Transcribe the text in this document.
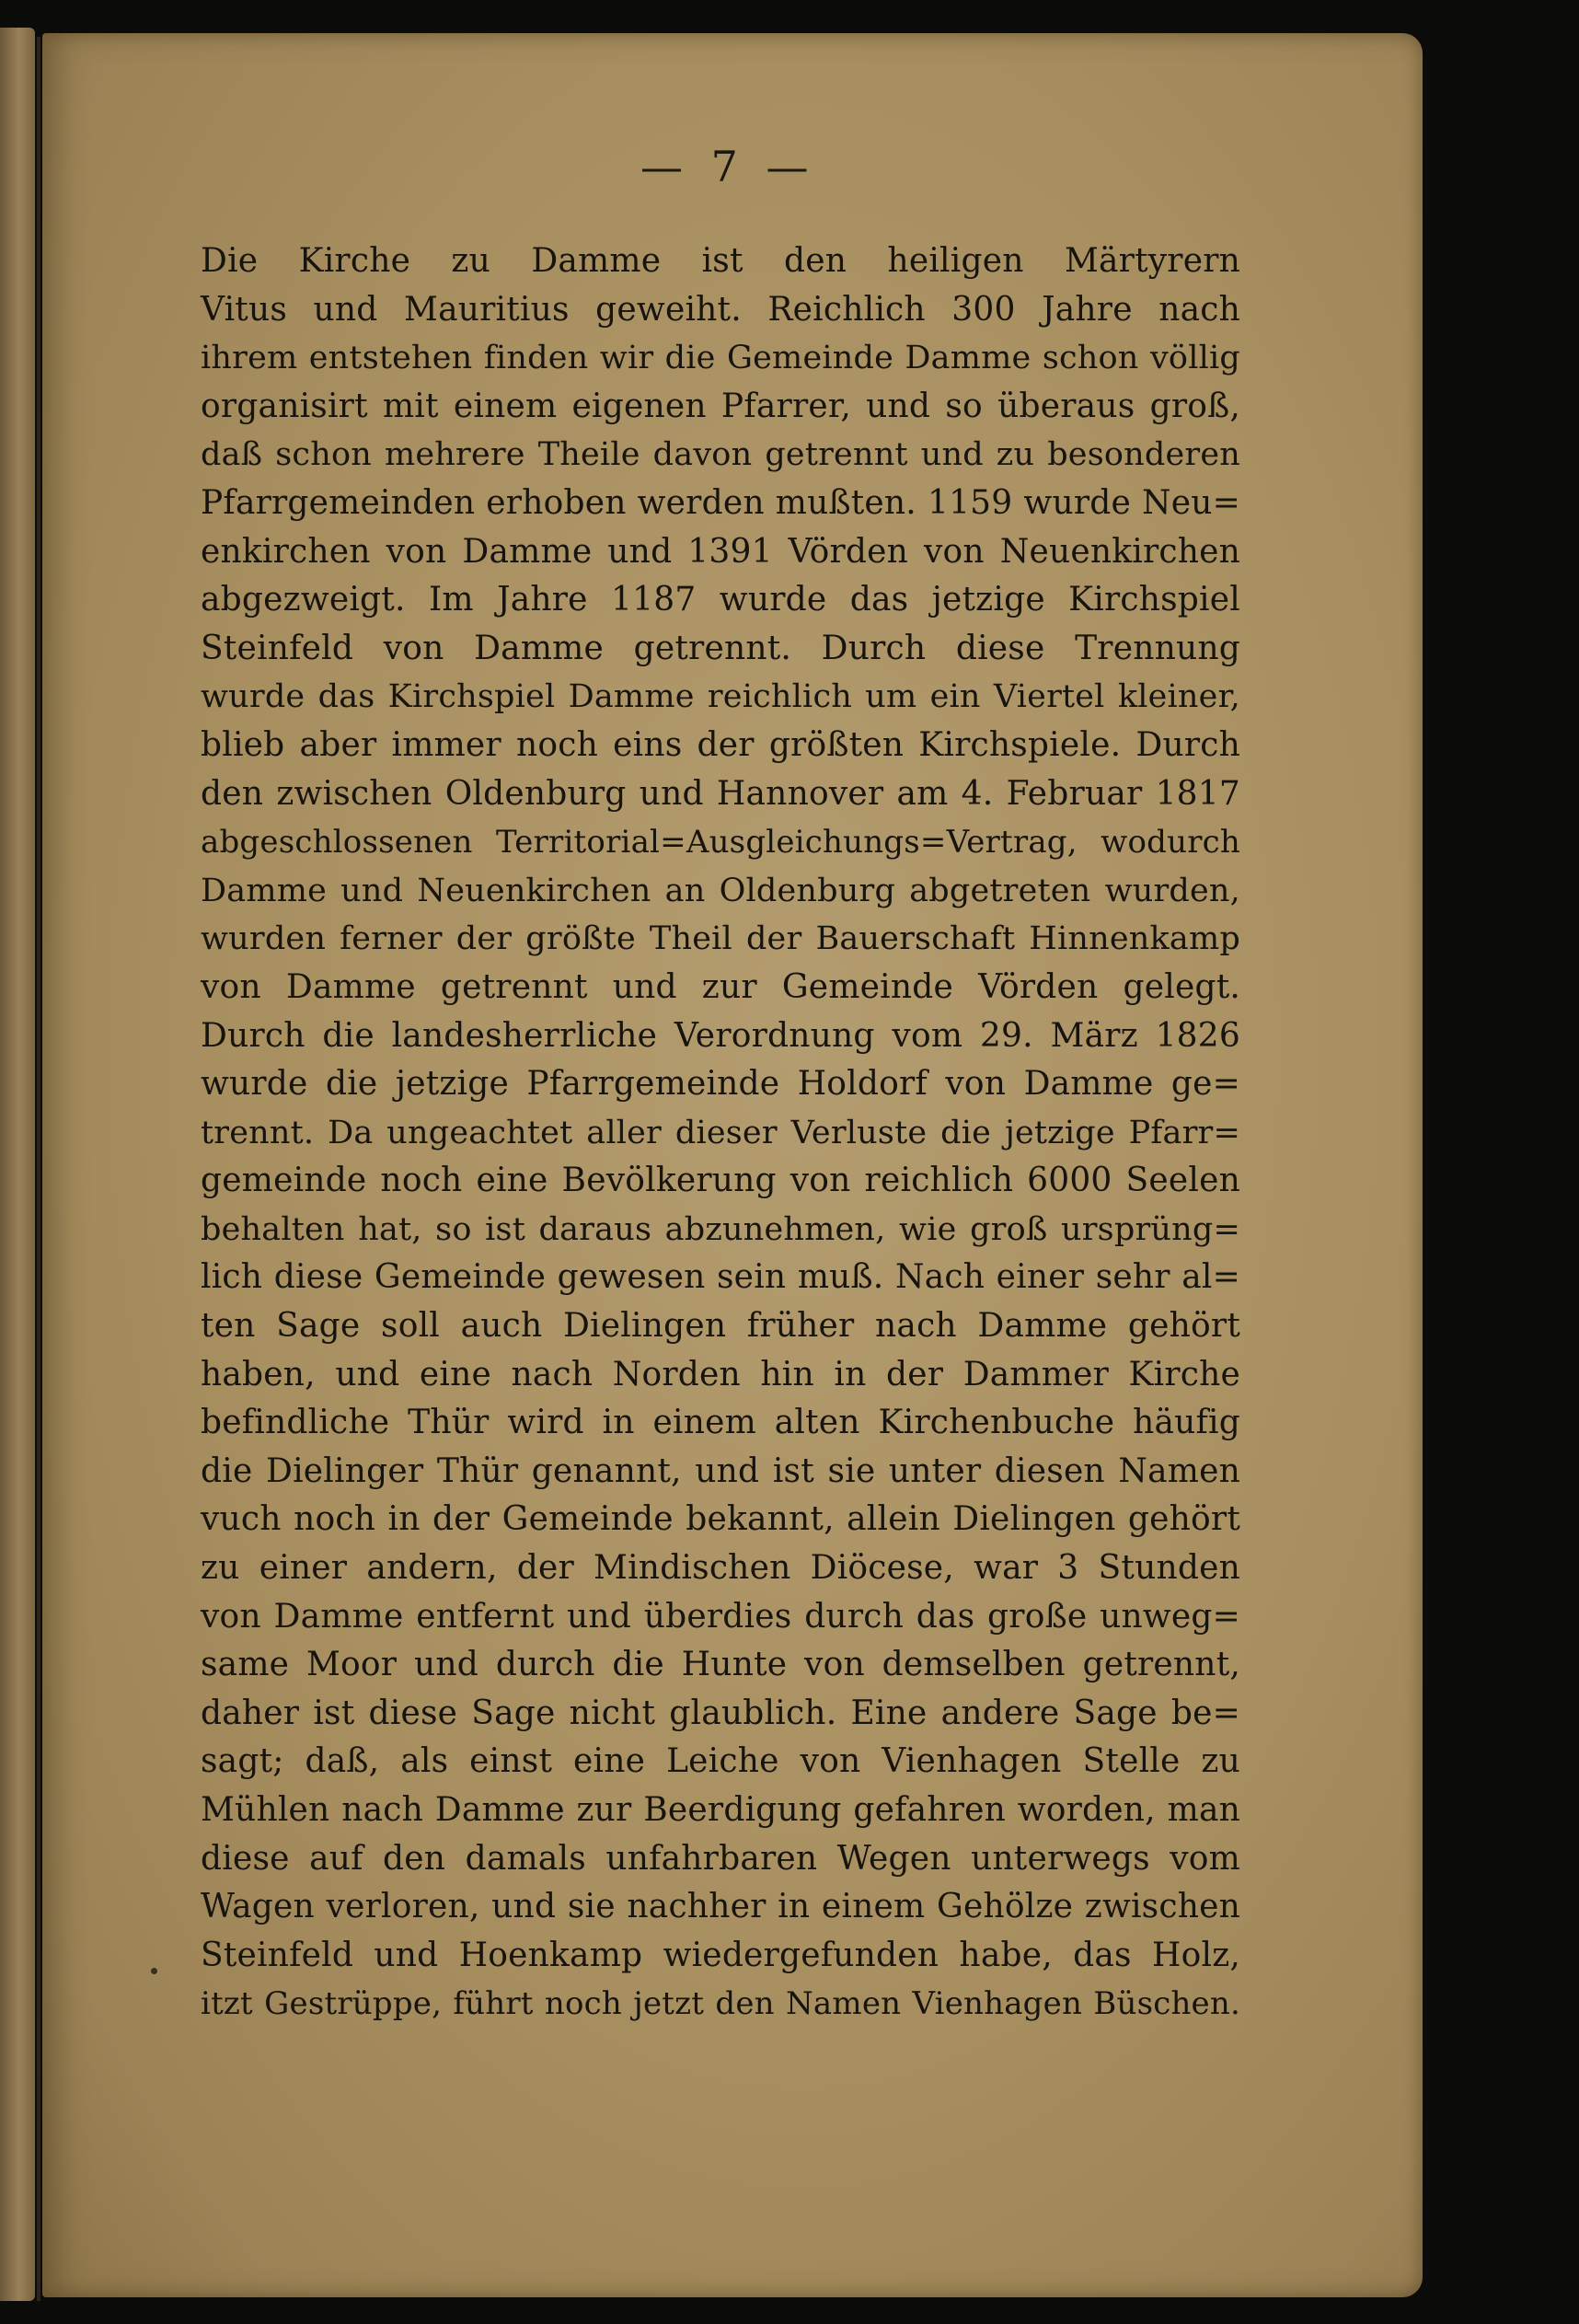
— 7 —
Die Kirche zu Damme ist den heiligen Märtyrern
Vitus und Mauritius geweiht. Reichlich 300 Jahre nach
ihrem entstehen finden wir die Gemeinde Damme schon völlig
organisirt mit einem eigenen Pfarrer, und so überaus groß,
daß schon mehrere Theile davon getrennt und zu besonderen
Pfarrgemeinden erhoben werden mußten. 1159 wurde Neu=
enkirchen von Damme und 1391 Vörden von Neuenkirchen
abgezweigt. Im Jahre 1187 wurde das jetzige Kirchspiel
Steinfeld von Damme getrennt. Durch diese Trennung
wurde das Kirchspiel Damme reichlich um ein Viertel kleiner,
blieb aber immer noch eins der größten Kirchspiele. Durch
den zwischen Oldenburg und Hannover am 4. Februar 1817
abgeschlossenen Territorial=Ausgleichungs=Vertrag, wodurch
Damme und Neuenkirchen an Oldenburg abgetreten wurden,
wurden ferner der größte Theil der Bauerschaft Hinnenkamp
von Damme getrennt und zur Gemeinde Vörden gelegt.
Durch die landesherrliche Verordnung vom 29. März 1826
wurde die jetzige Pfarrgemeinde Holdorf von Damme ge=
trennt. Da ungeachtet aller dieser Verluste die jetzige Pfarr=
gemeinde noch eine Bevölkerung von reichlich 6000 Seelen
behalten hat, so ist daraus abzunehmen, wie groß ursprüng=
lich diese Gemeinde gewesen sein muß. Nach einer sehr al=
ten Sage soll auch Dielingen früher nach Damme gehört
haben, und eine nach Norden hin in der Dammer Kirche
befindliche Thür wird in einem alten Kirchenbuche häufig
die Dielinger Thür genannt, und ist sie unter diesen Namen
vuch noch in der Gemeinde bekannt, allein Dielingen gehört
zu einer andern, der Mindischen Diöcese, war 3 Stunden
von Damme entfernt und überdies durch das große unweg=
same Moor und durch die Hunte von demselben getrennt,
daher ist diese Sage nicht glaublich. Eine andere Sage be=
sagt; daß, als einst eine Leiche von Vienhagen Stelle zu
Mühlen nach Damme zur Beerdigung gefahren worden, man
diese auf den damals unfahrbaren Wegen unterwegs vom
Wagen verloren, und sie nachher in einem Gehölze zwischen
Steinfeld und Hoenkamp wiedergefunden habe, das Holz,
itzt Gestrüppe, führt noch jetzt den Namen Vienhagen Büschen.
